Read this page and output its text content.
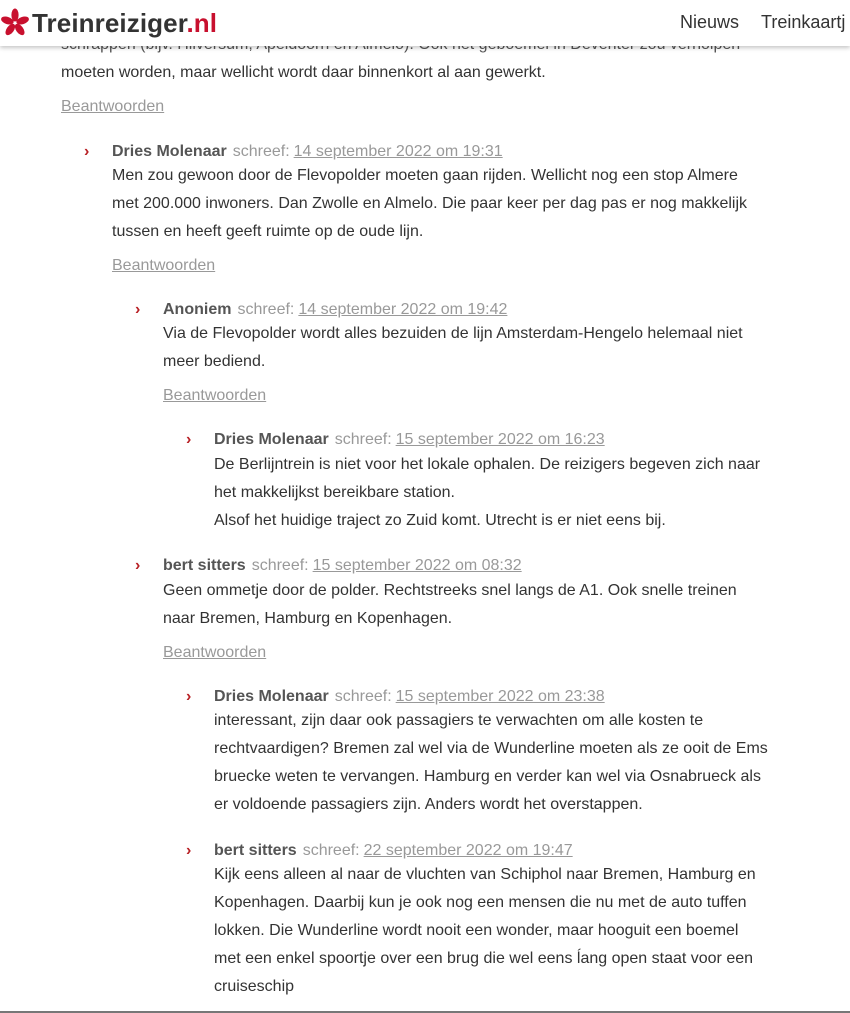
moeten worden, maar wellicht wordt daar binnenkort al aan gewerkt.
Beantwoorden
› Dries Molenaar schreef: 14 september 2022 om 19:31
Men zou gewoon door de Flevopolder moeten gaan rijden. Wellicht nog een stop Almere
met 200.000 inwoners. Dan Zwolle en Almelo. Die paar keer per dag pas er nog makkelijk
tussen en heeft geeft ruimte op de oude lijn.
Beantwoorden
› Anoniem schreef: 14 september 2022 om 19:42
Via de Flevopolder wordt alles bezuiden de lijn Amsterdam-Hengelo helemaal niet
meer bediend.
Beantwoorden
› Dries Molenaar schreef: 15 september 2022 om 16:23
De Berlijntrein is niet voor het lokale ophalen. De reizigers begeven zich naar
het makkelijkst bereikbare station.
Alsof het huidige traject zo Zuid komt. Utrecht is er niet eens bij.
› bert sitters schreef: 15 september 2022 om 08:32
Geen ommetje door de polder. Rechtstreeks snel langs de A1. Ook snelle treinen
naar Bremen, Hamburg en Kopenhagen.
Beantwoorden
› Dries Molenaar schreef: 15 september 2022 om 23:38
interessant, zijn daar ook passagiers te verwachten om alle kosten te
rechtvaardigen? Bremen zal wel via de Wunderline moeten als ze ooit de Ems
bruecke weten te vervangen. Hamburg en verder kan wel via Osnabrueck als
er voldoende passagiers zijn. Anders wordt het overstappen.
› bert sitters schreef: 22 september 2022 om 19:47
Kijk eens alleen al naar de vluchten van Schiphol naar Bremen, Hamburg en
Kopenhagen. Daarbij kun je ook nog een mensen die nu met de auto tuffen
lokken. Die Wunderline wordt nooit een wonder, maar hooguit een boemel
met een enkel spoortje over een brug die wel eens ĺang open staat voor een
cruiseschip
Treinreiziger.nl	Nieuws Treinkaartj
